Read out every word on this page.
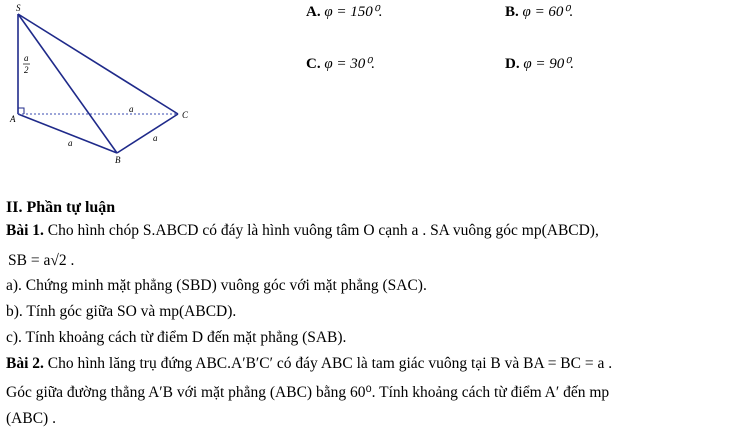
S
A
B
C
a
2
a
a	a
A. φ = 150⁰.	B. φ = 60⁰.
C. φ = 30⁰.	D. φ = 90⁰.
II. Phần tự luận
Bài 1. Cho hình chóp S.ABCD có đáy là hình vuông tâm O cạnh a . SA vuông góc mp(ABCD),
SB = a√2 .
a). Chứng minh mặt phẳng (SBD) vuông góc với mặt phẳng (SAC).
b). Tính góc giữa SO và mp(ABCD).
c). Tính khoảng cách từ điểm D đến mặt phẳng (SAB).
Bài 2. Cho hình lăng trụ đứng ABC.A′B′C′ có đáy ABC là tam giác vuông tại B và BA = BC = a .
Góc giữa đường thẳng A′B với mặt phẳng (ABC) bằng 60⁰. Tính khoảng cách từ điểm A′ đến mp
(ABC) .
